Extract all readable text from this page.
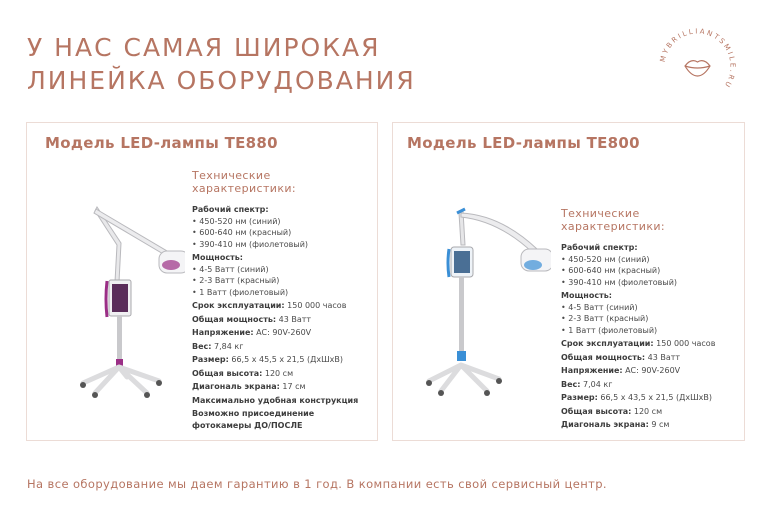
У НАС САМАЯ ШИРОКАЯ
ЛИНЕЙКА ОБОРУДОВАНИЯ
MYBRILLIANTSMILE.RU
Модель LED-лампы TE880
Технические
характеристики:
Рабочий спектр:
• 450-520 нм (синий)
• 600-640 нм (красный)
• 390-410 нм (фиолетовый)
Мощность:
• 4-5 Ватт (синий)
• 2-3 Ватт (красный)
• 1 Ватт (фиолетовый)
Срок эксплуатации: 150 000 часов
Общая мощность: 43 Ватт
Напряжение: AC: 90V-260V
Вес: 7,84 кг
Размер: 66,5 x 45,5 x 21,5 (ДxШxВ)
Общая высота: 120 см
Диагональ экрана: 17 см
Максимально удобная конструкция
Возможно присоединение
фотокамеры ДО/ПОСЛЕ
Модель LED-лампы TE800
Технические
характеристики:
Рабочий спектр:
• 450-520 нм (синий)
• 600-640 нм (красный)
• 390-410 нм (фиолетовый)
Мощность:
• 4-5 Ватт (синий)
• 2-3 Ватт (красный)
• 1 Ватт (фиолетовый)
Срок эксплуатации: 150 000 часов
Общая мощность: 43 Ватт
Напряжение: AC: 90V-260V
Вес: 7,04 кг
Размер: 66,5 x 43,5 x 21,5 (ДxШxВ)
Общая высота: 120 см
Диагональ экрана: 9 см
На все оборудование мы даем гарантию в 1 год. В компании есть свой сервисный центр.
